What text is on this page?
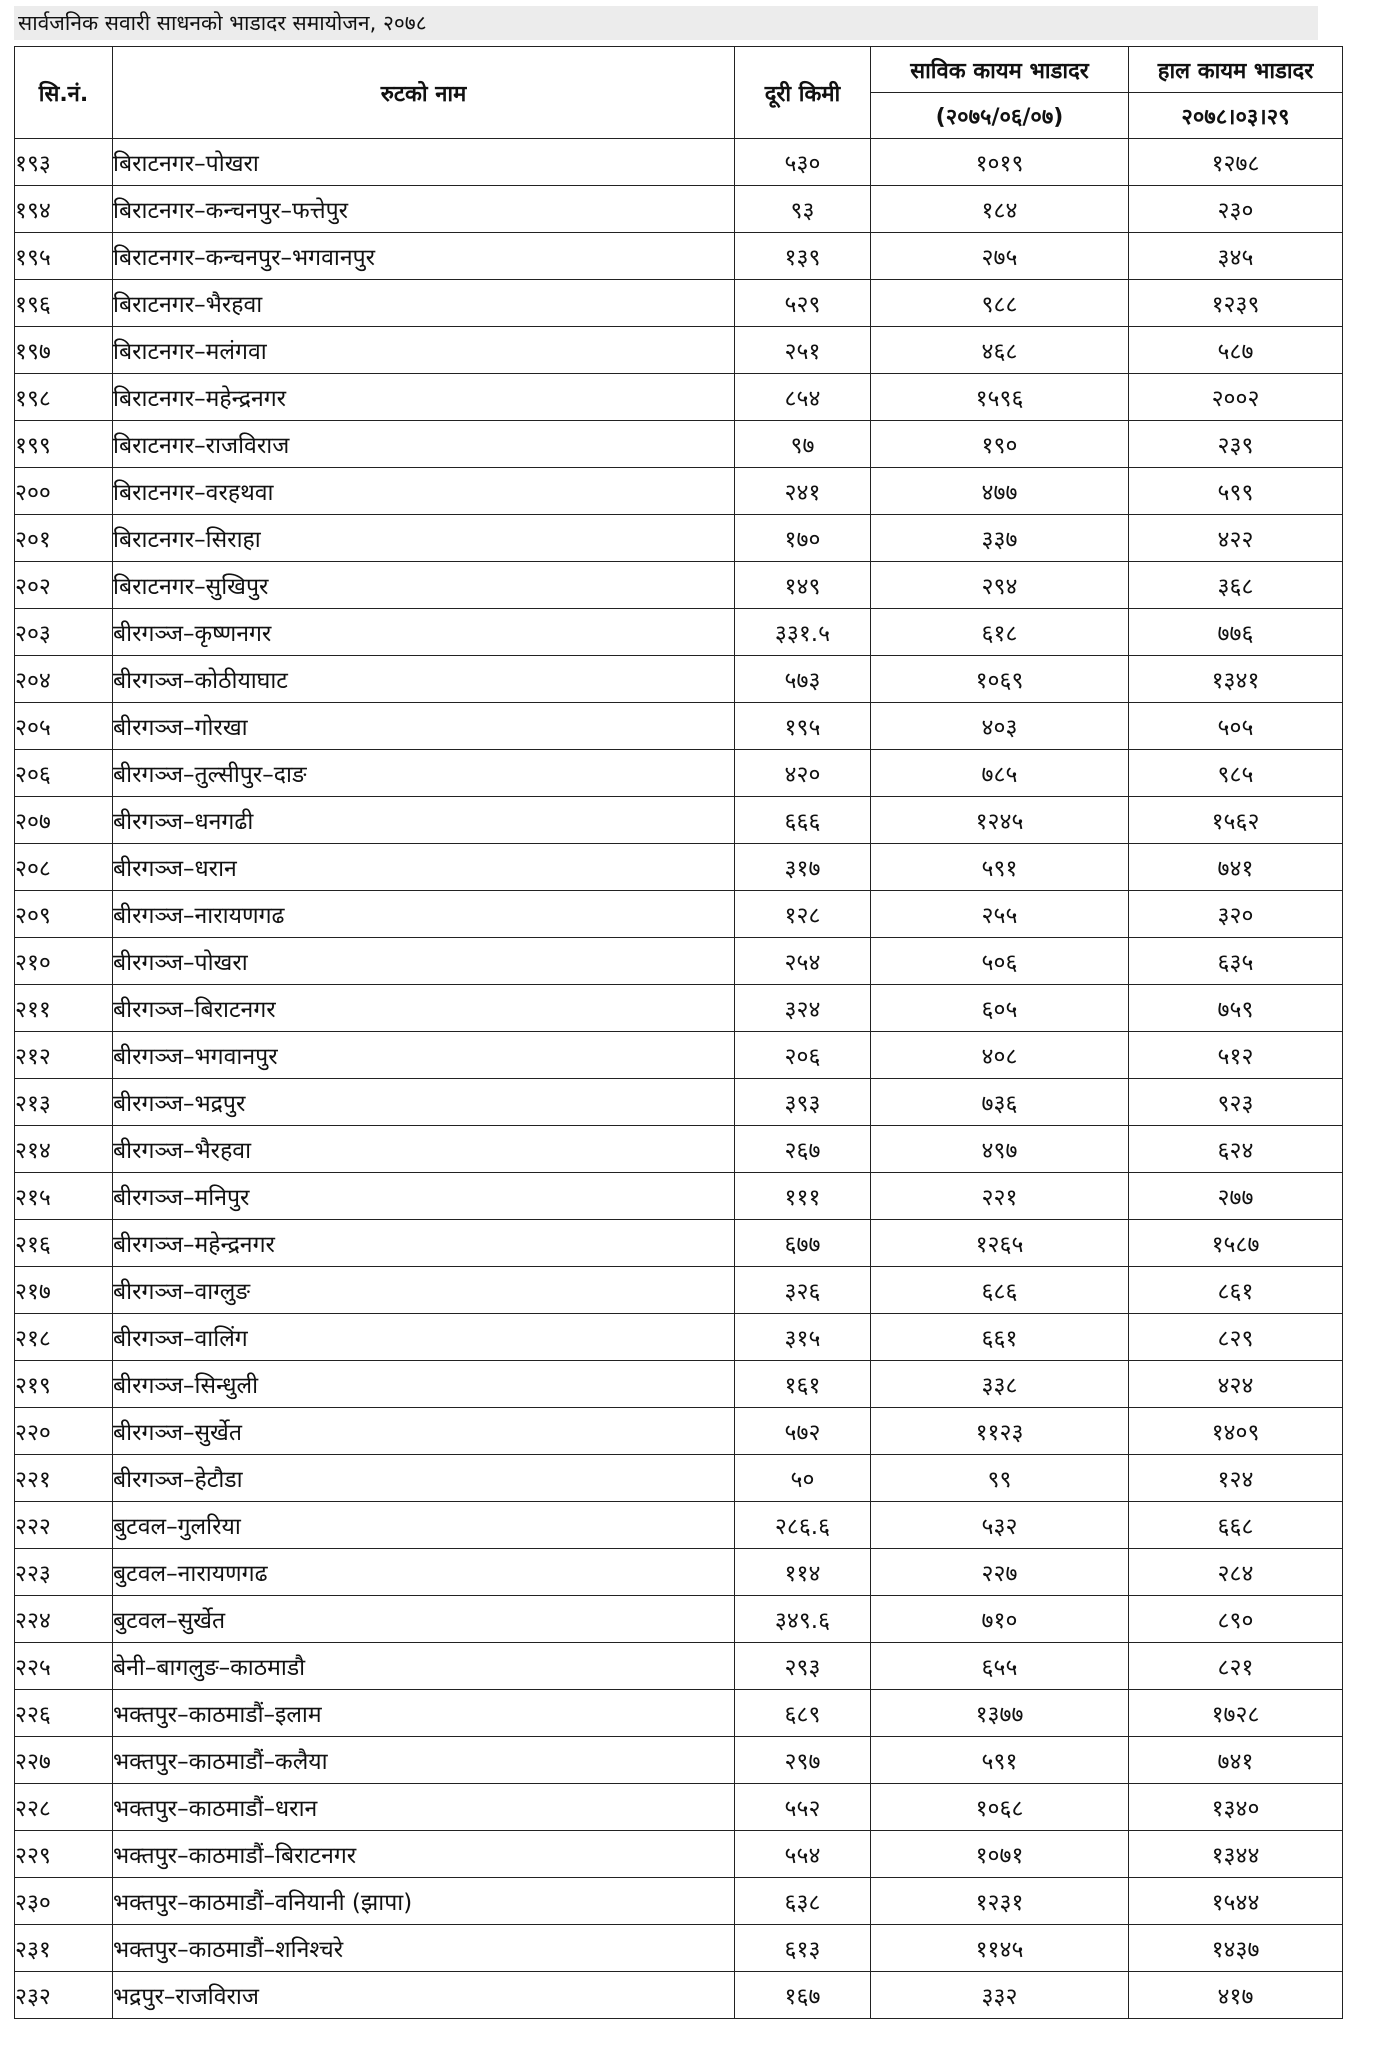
सार्वजनिक सवारी साधनको भाडादर समायोजन, २०७८
सि.नं.	रुटको नाम	दूरी किमी	साविक कायम भाडादर	हाल कायम भाडादर
			(२०७५/०६/०७)	२०७८।०३।२९
१९३	बिराटनगर–पोखरा	५३०	१०१९	१२७८
१९४	बिराटनगर–कन्चनपुर–फत्तेपुर	९३	१८४	२३०
१९५	बिराटनगर–कन्चनपुर–भगवानपुर	१३९	२७५	३४५
१९६	बिराटनगर–भैरहवा	५२९	९८८	१२३९
१९७	बिराटनगर–मलंगवा	२५१	४६८	५८७
१९८	बिराटनगर–महेन्द्रनगर	८५४	१५९६	२००२
१९९	बिराटनगर–राजविराज	९७	१९०	२३९
२००	बिराटनगर–वरहथवा	२४१	४७७	५९९
२०१	बिराटनगर–सिराहा	१७०	३३७	४२२
२०२	बिराटनगर–सुखिपुर	१४९	२९४	३६८
२०३	बीरगञ्ज–कृष्णनगर	३३१.५	६१८	७७६
२०४	बीरगञ्ज–कोठीयाघाट	५७३	१०६९	१३४१
२०५	बीरगञ्ज–गोरखा	१९५	४०३	५०५
२०६	बीरगञ्ज–तुल्सीपुर–दाङ	४२०	७८५	९८५
२०७	बीरगञ्ज–धनगढी	६६६	१२४५	१५६२
२०८	बीरगञ्ज–धरान	३१७	५९१	७४१
२०९	बीरगञ्ज–नारायणगढ	१२८	२५५	३२०
२१०	बीरगञ्ज–पोखरा	२५४	५०६	६३५
२११	बीरगञ्ज–बिराटनगर	३२४	६०५	७५९
२१२	बीरगञ्ज–भगवानपुर	२०६	४०८	५१२
२१३	बीरगञ्ज–भद्रपुर	३९३	७३६	९२३
२१४	बीरगञ्ज–भैरहवा	२६७	४९७	६२४
२१५	बीरगञ्ज–मनिपुर	१११	२२१	२७७
२१६	बीरगञ्ज–महेन्द्रनगर	६७७	१२६५	१५८७
२१७	बीरगञ्ज–वाग्लुङ	३२६	६८६	८६१
२१८	बीरगञ्ज–वालिंग	३१५	६६१	८२९
२१९	बीरगञ्ज–सिन्धुली	१६१	३३८	४२४
२२०	बीरगञ्ज–सुर्खेत	५७२	११२३	१४०९
२२१	बीरगञ्ज–हेटौडा	५०	९९	१२४
२२२	बुटवल–गुलरिया	२८६.६	५३२	६६८
२२३	बुटवल–नारायणगढ	११४	२२७	२८४
२२४	बुटवल–सुर्खेत	३४९.६	७१०	८९०
२२५	बेनी–बागलुङ–काठमाडौ	२९३	६५५	८२१
२२६	भक्तपुर–काठमाडौं–इलाम	६८९	१३७७	१७२८
२२७	भक्तपुर–काठमाडौं–कलैया	२९७	५९१	७४१
२२८	भक्तपुर–काठमाडौं–धरान	५५२	१०६८	१३४०
२२९	भक्तपुर–काठमाडौं–बिराटनगर	५५४	१०७१	१३४४
२३०	भक्तपुर–काठमाडौं–वनियानी (झापा)	६३८	१२३१	१५४४
२३१	भक्तपुर–काठमाडौं–शनिश्चरे	६१३	११४५	१४३७
२३२	भद्रपुर–राजविराज	१६७	३३२	४१७
